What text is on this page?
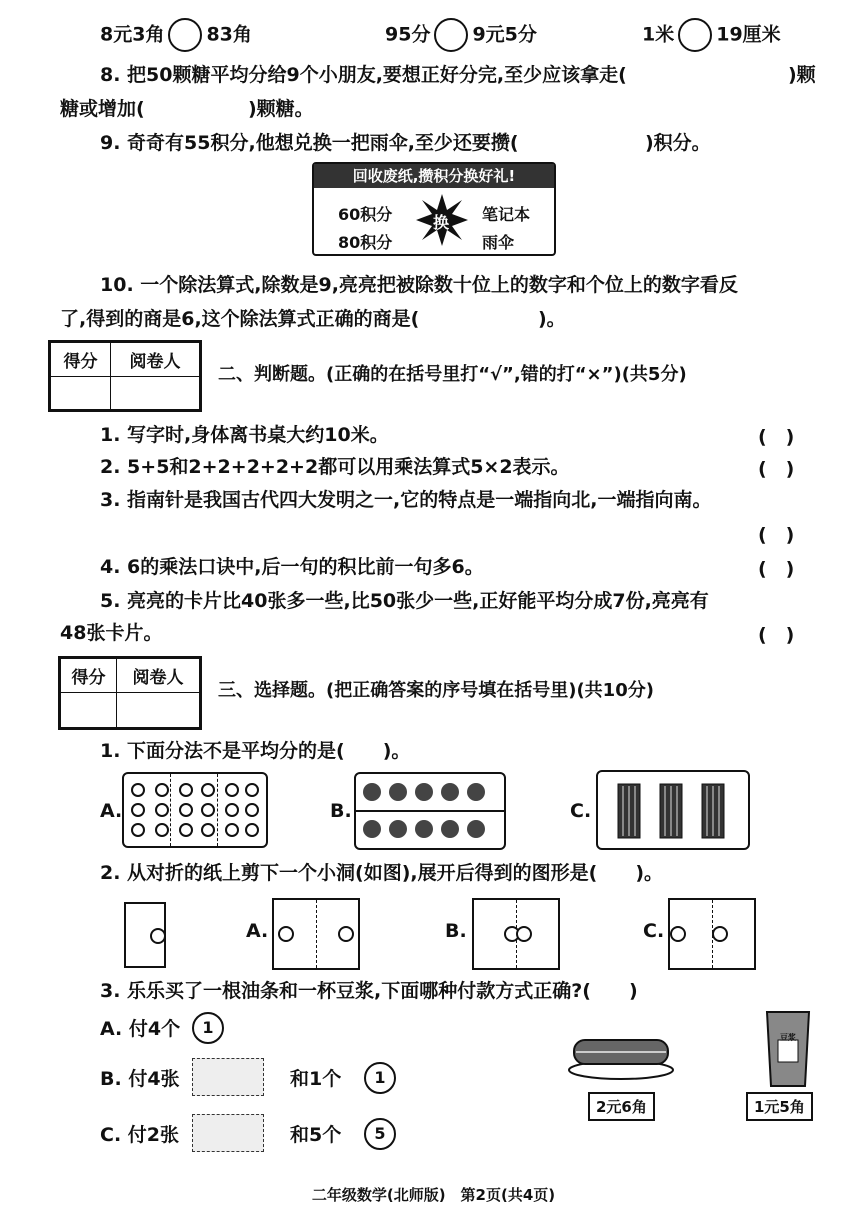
8元3角 83角	95分 9元5分	1米 19厘米
8. 把50颗糖平均分给9个小朋友,要想正好分完,至少应该拿走(	)颗
糖或增加(	)颗糖。
9. 奇奇有55积分,他想兑换一把雨伞,至少还要攒(	)积分。
回收废纸,攒积分换好礼!
60积分	笔记本
80积分	雨伞
换
10. 一个除法算式,除数是9,亮亮把被除数十位上的数字和个位上的数字看反
了,得到的商是6,这个除法算式正确的商是(	)。
得分	阅卷人

二、判断题。(正确的在括号里打“√”,错的打“×”)(共5分)
1. 写字时,身体离书桌大约10米。	(　)
2. 5+5和2+2+2+2+2都可以用乘法算式5×2表示。	(　)
3. 指南针是我国古代四大发明之一,它的特点是一端指向北,一端指向南。
(　)
4. 6的乘法口诀中,后一句的积比前一句多6。	(　)
5. 亮亮的卡片比40张多一些,比50张少一些,正好能平均分成7份,亮亮有
48张卡片。	(　)
得分	阅卷人

三、选择题。(把正确答案的序号填在括号里)(共10分)
1. 下面分法不是平均分的是(　　)。
A.	B.	C.
2. 从对折的纸上剪下一个小洞(如图),展开后得到的图形是(　　)。
A.	B.	C.
3. 乐乐买了一根油条和一杯豆浆,下面哪种付款方式正确?(　　)
A. 付4个	1
B. 付4张	和1个	1
C. 付2张	和5个	5
2元6角
豆浆
1元5角
二年级数学(北师版)　第2页(共4页)
